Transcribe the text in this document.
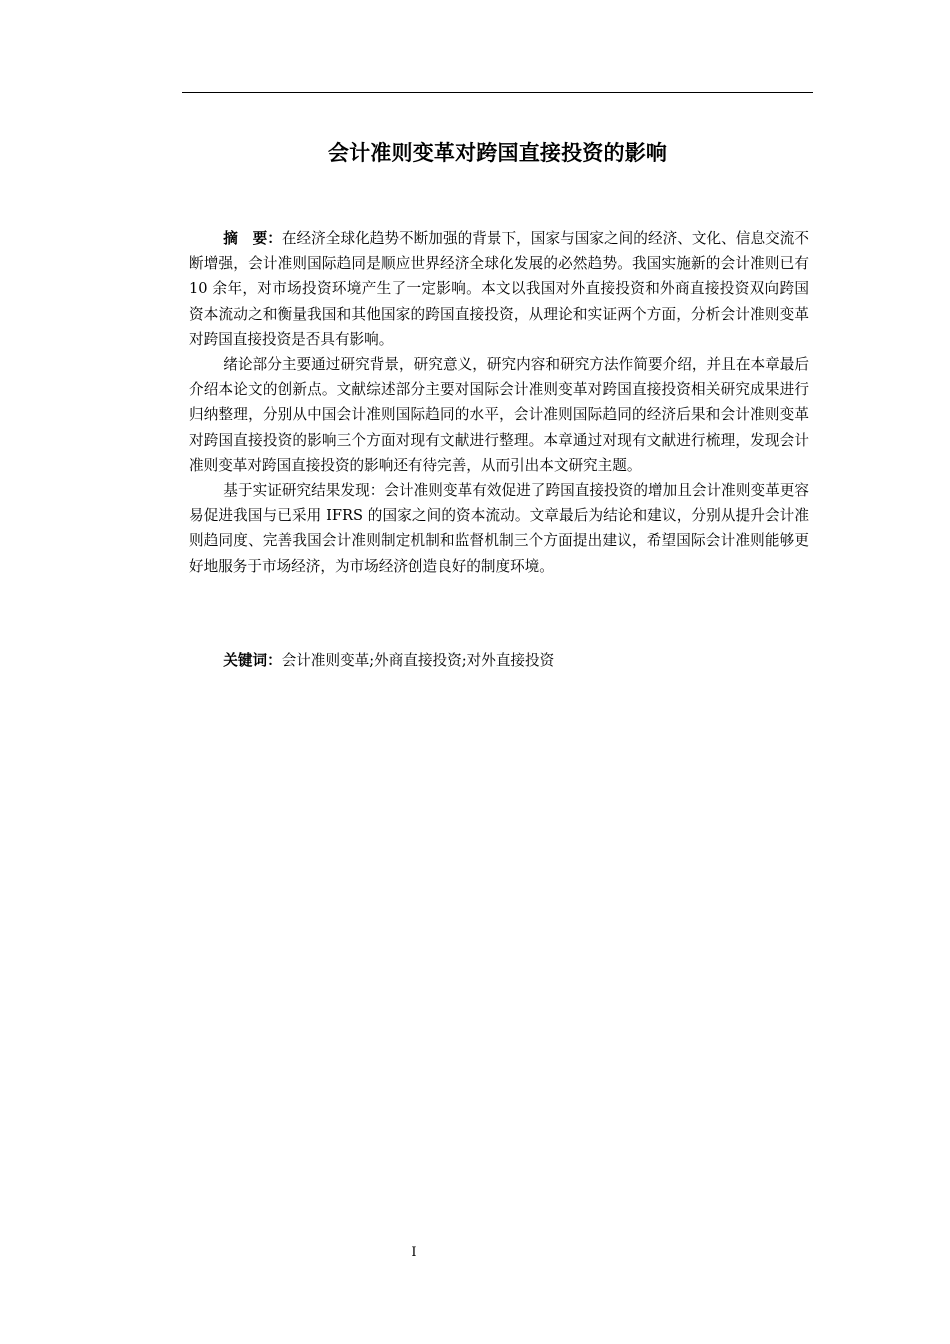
会计准则变革对跨国直接投资的影响

摘　要：在经济全球化趋势不断加强的背景下，国家与国家之间的经济、文化、信息交流不断增强，会计准则国际趋同是顺应世界经济全球化发展的必然趋势。我国实施新的会计准则已有 10 余年，对市场投资环境产生了一定影响。本文以我国对外直接投资和外商直接投资双向跨国资本流动之和衡量我国和其他国家的跨国直接投资，从理论和实证两个方面，分析会计准则变革对跨国直接投资是否具有影响。

绪论部分主要通过研究背景，研究意义，研究内容和研究方法作简要介绍，并且在本章最后介绍本论文的创新点。文献综述部分主要对国际会计准则变革对跨国直接投资相关研究成果进行归纳整理，分别从中国会计准则国际趋同的水平，会计准则国际趋同的经济后果和会计准则变革对跨国直接投资的影响三个方面对现有文献进行整理。本章通过对现有文献进行梳理，发现会计准则变革对跨国直接投资的影响还有待完善，从而引出本文研究主题。

基于实证研究结果发现：会计准则变革有效促进了跨国直接投资的增加且会计准则变革更容易促进我国与已采用 IFRS 的国家之间的资本流动。文章最后为结论和建议，分别从提升会计准则趋同度、完善我国会计准则制定机制和监督机制三个方面提出建议，希望国际会计准则能够更好地服务于市场经济，为市场经济创造良好的制度环境。

关键词：会计准则变革;外商直接投资;对外直接投资
I
